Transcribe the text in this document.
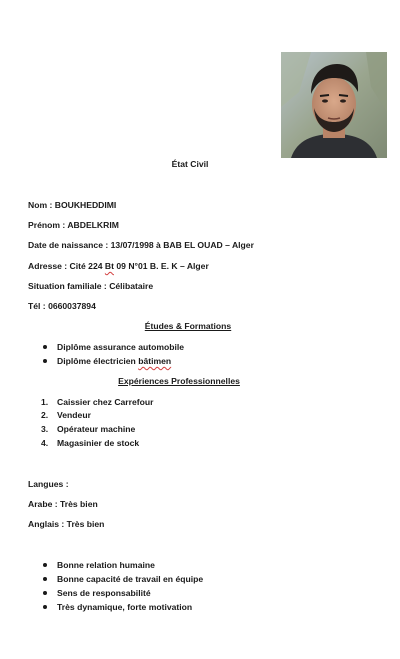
État Civil
Nom : BOUKHEDDIMI
Prénom : ABDELKRIM
Date de naissance : 13/07/1998 à BAB EL OUAD – Alger
Adresse : Cité 224 Bt 09 N°01 B. E. K – Alger
Situation familiale : Célibataire
Tél : 0660037894
Études & Formations
Diplôme assurance automobile
Diplôme électricien bâtimen
Expériences Professionnelles
1. Caissier chez Carrefour
2. Vendeur
3. Opérateur machine
4. Magasinier de stock
Langues :
Arabe : Très bien
Anglais : Très bien
Bonne relation humaine
Bonne capacité de travail en équipe
Sens de responsabilité
Très dynamique, forte motivation
